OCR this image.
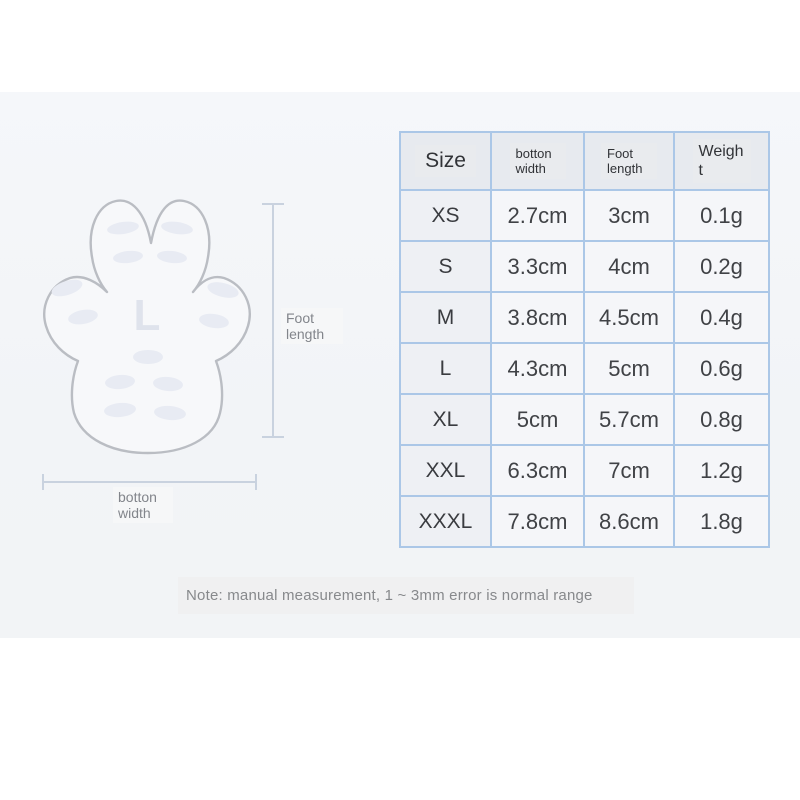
L	Foot length
botton width
Size	botton width	Foot length	Weight
XS	2.7cm	3cm	0.1g
S	3.3cm	4cm	0.2g
M	3.8cm	4.5cm	0.4g
L	4.3cm	5cm	0.6g
XL	5cm	5.7cm	0.8g
XXL	6.3cm	7cm	1.2g
XXXL	7.8cm	8.6cm	1.8g
Note: manual measurement, 1 ~ 3mm error is normal range
